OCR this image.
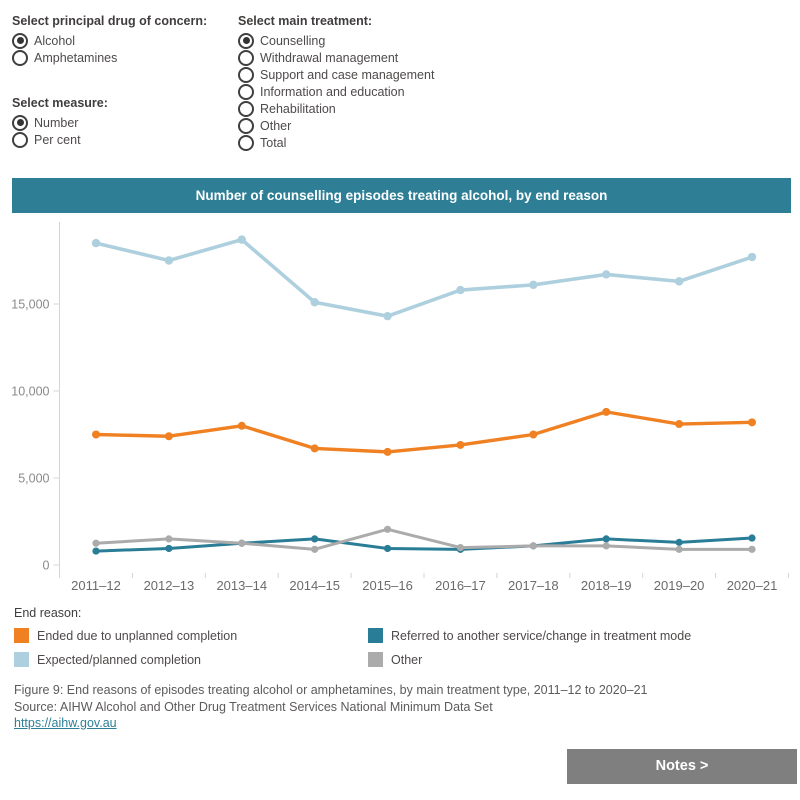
Select principal drug of concern:
Alcohol
Amphetamines
Select measure:
Number
Per cent
Select main treatment:
Counselling
Withdrawal management
Support and case management
Information and education
Rehabilitation
Other
Total
Number of counselling episodes treating alcohol, by end reason
0
5,000
10,000
15,000
2011–12 2012–13 2013–14 2014–15 2015–16 2016–17 2017–18 2018–19 2019–20 2020–21
End reason:
Ended due to unplanned completion	Referred to another service/change in treatment mode
Expected/planned completion	Other
Figure 9: End reasons of episodes treating alcohol or amphetamines, by main treatment type, 2011–12 to 2020–21
Source: AIHW Alcohol and Other Drug Treatment Services National Minimum Data Set
https://aihw.gov.au
Notes >
